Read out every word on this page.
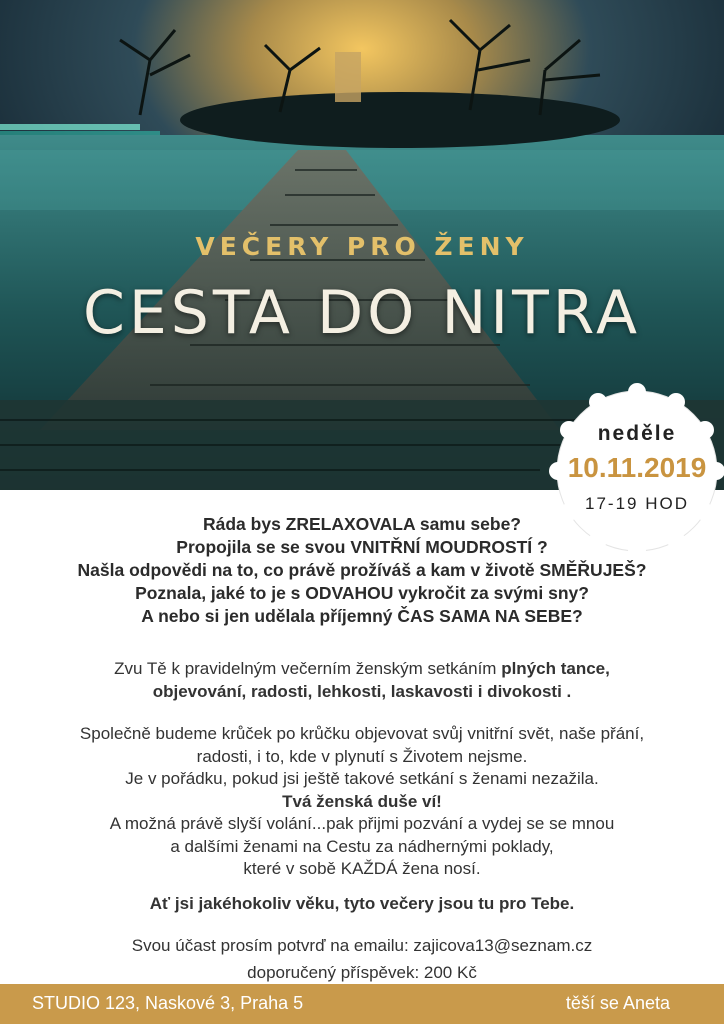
VEČERY PRO ŽENY
CESTA DO NITRA
neděle
10.11.2019
17-19 HOD
Ráda bys ZRELAXOVALA samu sebe?
Propojila se se svou VNITŘNÍ MOUDROSTÍ ?
Našla odpovědi na to, co právě prožíváš a kam v životě SMĚŘUJEŠ?
Poznala, jaké to je s ODVAHOU vykročit za svými sny?
A nebo si jen udělala příjemný ČAS SAMA NA SEBE?
Zvu Tě k pravidelným večerním ženským setkáním plných tance,
objevování, radosti, lehkosti, laskavosti i divokosti .
Společně budeme krůček po krůčku objevovat svůj vnitřní svět, naše přání,
radosti, i to, kde v plynutí s Životem nejsme.
Je v pořádku, pokud jsi ještě takové setkání s ženami nezažila.
Tvá ženská duše ví!
A možná právě slyší volání...pak přijmi pozvání a vydej se se mnou
a dalšími ženami na Cestu za nádhernými poklady,
které v sobě KAŽDÁ žena nosí.
Ať jsi jakéhokoliv věku, tyto večery jsou tu pro Tebe.
Svou účast prosím potvrď na emailu: zajicova13@seznam.cz
doporučený příspěvek: 200 Kč
STUDIO 123, Naskové 3, Praha 5	těší se Aneta
